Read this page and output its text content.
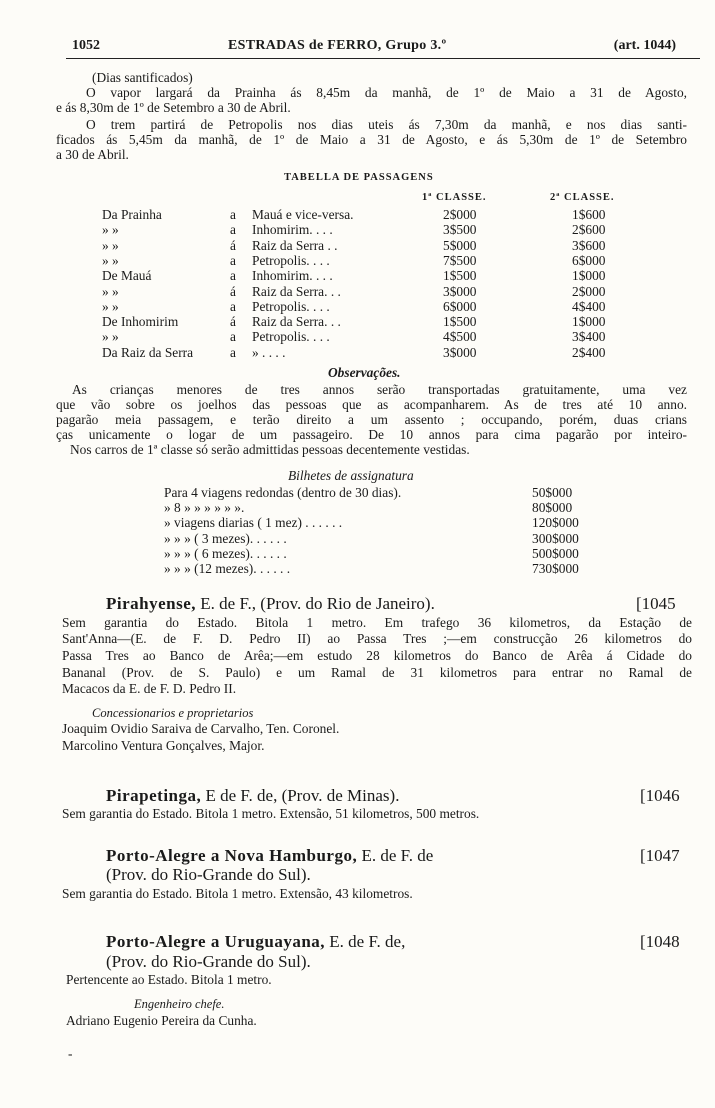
1052	ESTRADAS de FERRO, Grupo 3.º	(art. 1044)
(Dias santificados)
O vapor largará da Prainha ás 8,45m da manhã, de 1º de Maio a 31 de Agosto,
e ás 8,30m de 1º de Setembro a 30 de Abril.
O trem partirá de Petropolis nos dias uteis ás 7,30m da manhã, e nos dias santi-
ficados ás 5,45m da manhã, de 1º de Maio a 31 de Agosto, e ás 5,30m de 1º de Setembro
a 30 de Abril.
TABELLA DE PASSAGENS
1ª CLASSE.	2ª CLASSE.
Da Prainha	a Mauá e vice-versa.	2$000	1$600
» »	a Inhomirim. . . .	3$500	2$600
» »	á Raiz da Serra . .	5$000	3$600
» »	a Petropolis. . . .	7$500	6$000
De Mauá	a Inhomirim. . . .	1$500	1$000
» »	á Raiz da Serra. . .	3$000	2$000
» »	a Petropolis. . . .	6$000	4$400
De Inhomirim	á Raiz da Serra. . .	1$500	1$000
» »	a Petropolis. . . .	4$500	3$400
Da Raiz da Serra	a » . . . .	3$000	2$400
Observações.
As crianças menores de tres annos serão transportadas gratuitamente, uma vez
que vão sobre os joelhos das pessoas que as acompanharem. As de tres até 10 anno.
pagarão meia passagem, e terão direito a um assento ; occupando, porém, duas crians
ças unicamente o logar de um passageiro. De 10 annos para cima pagarão por inteiro-
Nos carros de 1ª classe só serão admittidas pessoas decentemente vestidas.
Bilhetes de assignatura
Para 4 viagens redondas (dentro de 30 dias).	50$000
» 8 » » » » » ».	80$000
» viagens diarias ( 1 mez) . . . . . .	120$000
» » » ( 3 mezes). . . . . .	300$000
» » » ( 6 mezes). . . . . .	500$000
» » » (12 mezes). . . . . .	730$000
Pirahyense, E. de F., (Prov. do Rio de Janeiro).	[1045
Sem garantia do Estado. Bitola 1 metro. Em trafego 36 kilometros, da Estação de
Sant'Anna—(E. de F. D. Pedro II) ao Passa Tres ;—em construcção 26 kilometros do
Passa Tres ao Banco de Arêa;—em estudo 28 kilometros do Banco de Arêa á Cidade do
Bananal (Prov. de S. Paulo) e um Ramal de 31 kilometros para entrar no Ramal de
Macacos da E. de F. D. Pedro II.
Concessionarios e proprietarios
Joaquim Ovidio Saraiva de Carvalho, Ten. Coronel.
Marcolino Ventura Gonçalves, Major.
Pirapetinga, E de F. de, (Prov. de Minas).	[1046
Sem garantia do Estado. Bitola 1 metro. Extensão, 51 kilometros, 500 metros.
Porto-Alegre a Nova Hamburgo, E. de F. de	[1047
(Prov. do Rio-Grande do Sul).
Sem garantia do Estado. Bitola 1 metro. Extensão, 43 kilometros.
Porto-Alegre a Uruguayana, E. de F. de,	[1048
(Prov. do Rio-Grande do Sul).
Pertencente ao Estado. Bitola 1 metro.
Engenheiro chefe.
Adriano Eugenio Pereira da Cunha.
-
